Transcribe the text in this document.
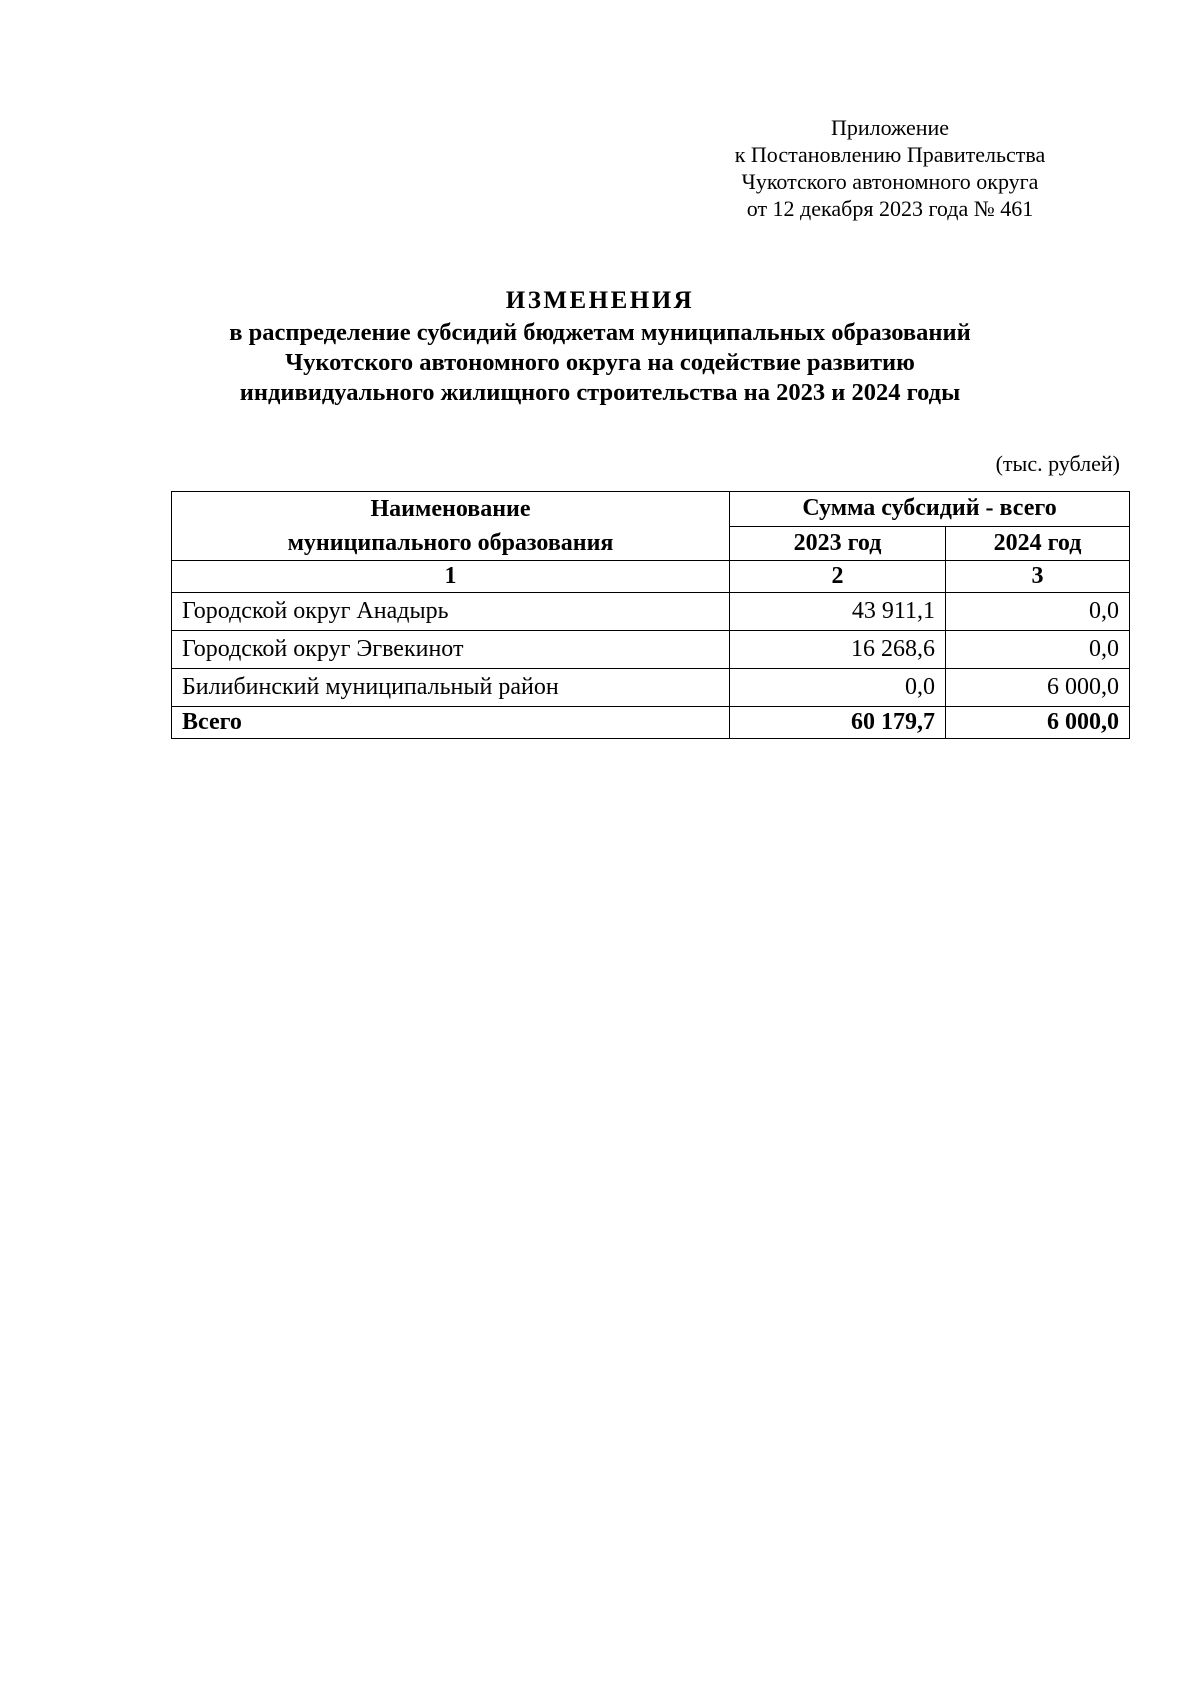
Приложение
к Постановлению Правительства
Чукотского автономного округа
от 12 декабря 2023 года № 461
ИЗМЕНЕНИЯ
в распределение субсидий бюджетам муниципальных образований
Чукотского автономного округа на содействие развитию
индивидуального жилищного строительства на 2023 и 2024 годы
(тыс. рублей)
Наименование
муниципального образования	Сумма субсидий - всего	
	2023 год	2024 год
1	2	3
Городской округ Анадырь	43 911,1	0,0
Городской округ Эгвекинот	16 268,6	0,0
Билибинский муниципальный район	0,0	6 000,0
Всего	60 179,7	6 000,0
